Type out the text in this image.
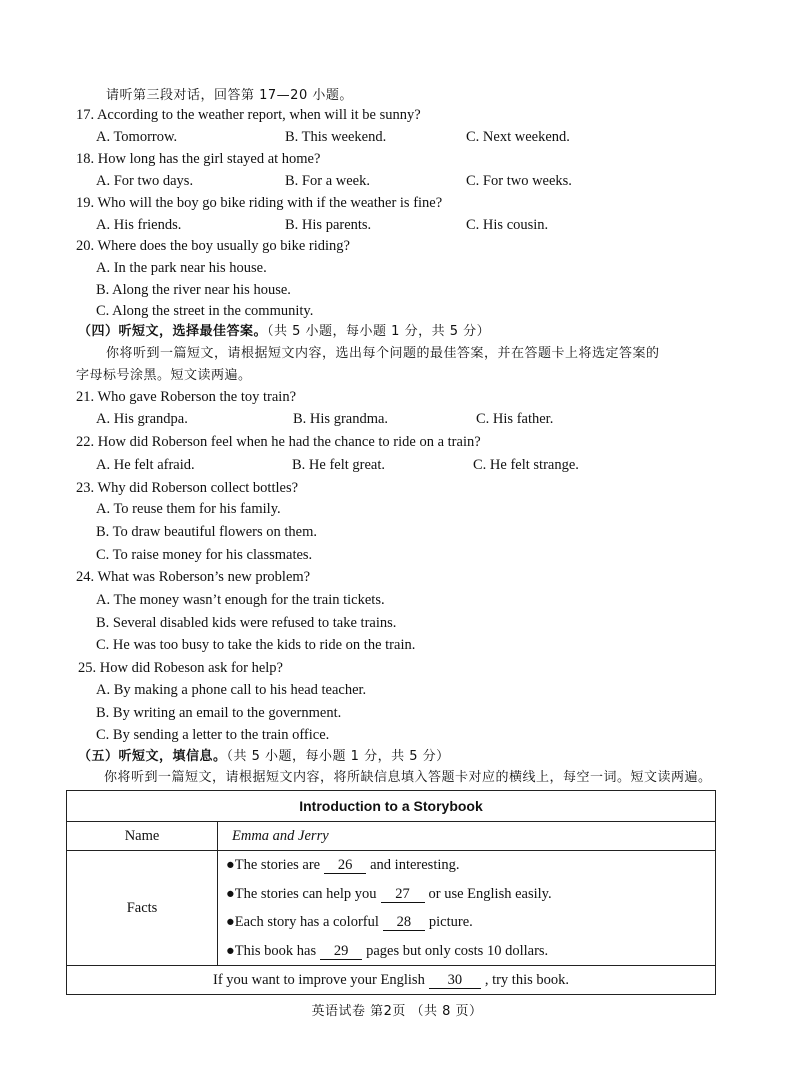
请听第三段对话，回答第 17—20 小题。
17. According to the weather report, when will it be sunny?
A. Tomorrow.	B. This weekend.	C. Next weekend.
18. How long has the girl stayed at home?
A. For two days.	B. For a week.	C. For two weeks.
19. Who will the boy go bike riding with if the weather is fine?
A. His friends.	B. His parents.	C. His cousin.
20. Where does the boy usually go bike riding?
A. In the park near his house.
B. Along the river near his house.
C. Along the street in the community.
（四）听短文，选择最佳答案。（共 5 小题，每小题 1 分，共 5 分）
你将听到一篇短文，请根据短文内容，选出每个问题的最佳答案，并在答题卡上将选定答案的
字母标号涂黑。短文读两遍。
21. Who gave Roberson the toy train?
A. His grandpa.	B. His grandma.	C. His father.
22. How did Roberson feel when he had the chance to ride on a train?
A. He felt afraid.	B. He felt great.	C. He felt strange.
23. Why did Roberson collect bottles?
A. To reuse them for his family.
B. To draw beautiful flowers on them.
C. To raise money for his classmates.
24. What was Roberson’s new problem?
A. The money wasn’t enough for the train tickets.
B. Several disabled kids were refused to take trains.
C. He was too busy to take the kids to ride on the train.
25. How did Robeson ask for help?
A. By making a phone call to his head teacher.
B. By writing an email to the government.
C. By sending a letter to the train office.
（五）听短文，填信息。（共 5 小题，每小题 1 分，共 5 分）
你将听到一篇短文，请根据短文内容，将所缺信息填入答题卡对应的横线上，每空一词。短文读两遍。
Introduction to a Storybook	
Name	Emma and Jerry
Facts	●The stories are 26 and interesting.
●The stories can help you 27 or use English easily.
●Each story has a colorful 28 picture.
●This book has 29 pages but only costs 10 dollars.

If you want to improve your English 30 , try this book.	
英语试卷 第2页 （共 8 页）
